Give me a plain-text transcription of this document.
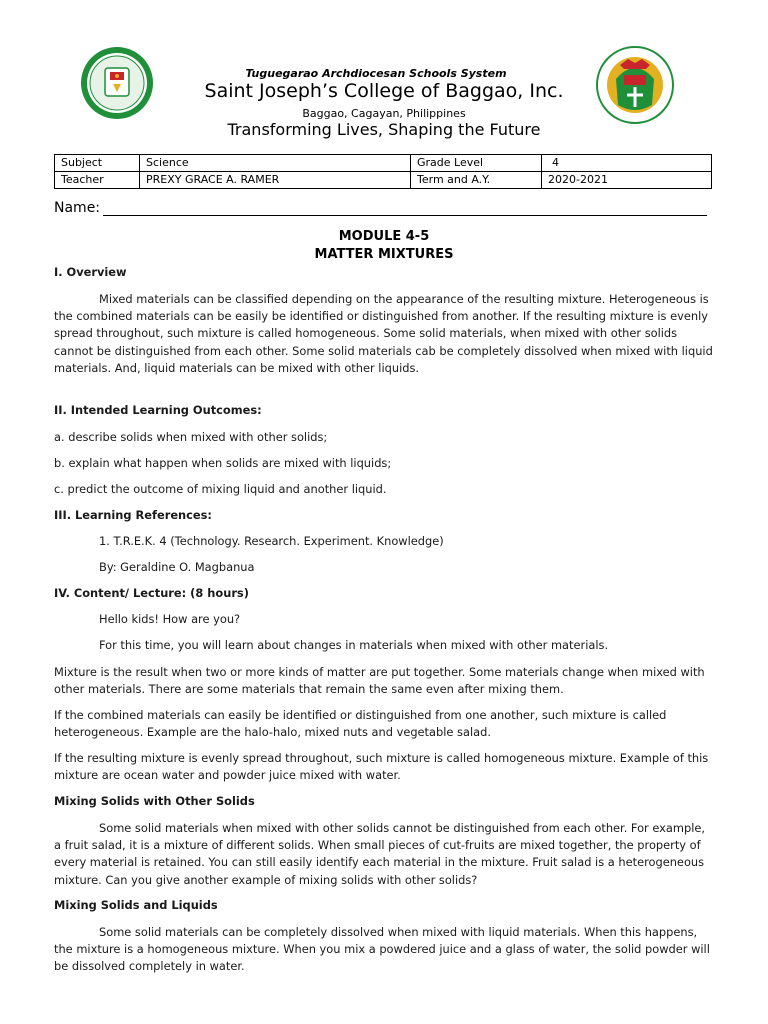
Tuguegarao Archdiocesan Schools System
Saint Joseph’s College of Baggao, Inc.
Baggao, Cagayan, Philippines
Transforming Lives, Shaping the Future
Subject	Science	Grade Level	4
Teacher	PREXY GRACE A. RAMER	Term and A.Y.	2020-2021
Name:
MODULE 4-5
MATTER MIXTURES
I. Overview
Mixed materials can be classified depending on the appearance of the resulting mixture. Heterogeneous is the combined materials can be easily be identified or distinguished from another. If the resulting mixture is evenly spread throughout, such mixture is called homogeneous. Some solid materials, when mixed with other solids cannot be distinguished from each other. Some solid materials cab be completely dissolved when mixed with liquid materials. And, liquid materials can be mixed with other liquids.
II. Intended Learning Outcomes:
a. describe solids when mixed with other solids;
b. explain what happen when solids are mixed with liquids;
c. predict the outcome of mixing liquid and another liquid.
III. Learning References:
1. T.R.E.K. 4 (Technology. Research. Experiment. Knowledge)
By: Geraldine O. Magbanua
IV. Content/ Lecture: (8 hours)
Hello kids! How are you?
For this time, you will learn about changes in materials when mixed with other materials.
Mixture is the result when two or more kinds of matter are put together. Some materials change when mixed with other materials. There are some materials that remain the same even after mixing them.
If the combined materials can easily be identified or distinguished from one another, such mixture is called heterogeneous. Example are the halo-halo, mixed nuts and vegetable salad.
If the resulting mixture is evenly spread throughout, such mixture is called homogeneous mixture. Example of this mixture are ocean water and powder juice mixed with water.
Mixing Solids with Other Solids
Some solid materials when mixed with other solids cannot be distinguished from each other. For example, a fruit salad, it is a mixture of different solids. When small pieces of cut-fruits are mixed together, the property of every material is retained. You can still easily identify each material in the mixture. Fruit salad is a heterogeneous mixture. Can you give another example of mixing solids with other solids?
Mixing Solids and Liquids
Some solid materials can be completely dissolved when mixed with liquid materials. When this happens, the mixture is a homogeneous mixture. When you mix a powdered juice and a glass of water, the solid powder will be dissolved completely in water.
